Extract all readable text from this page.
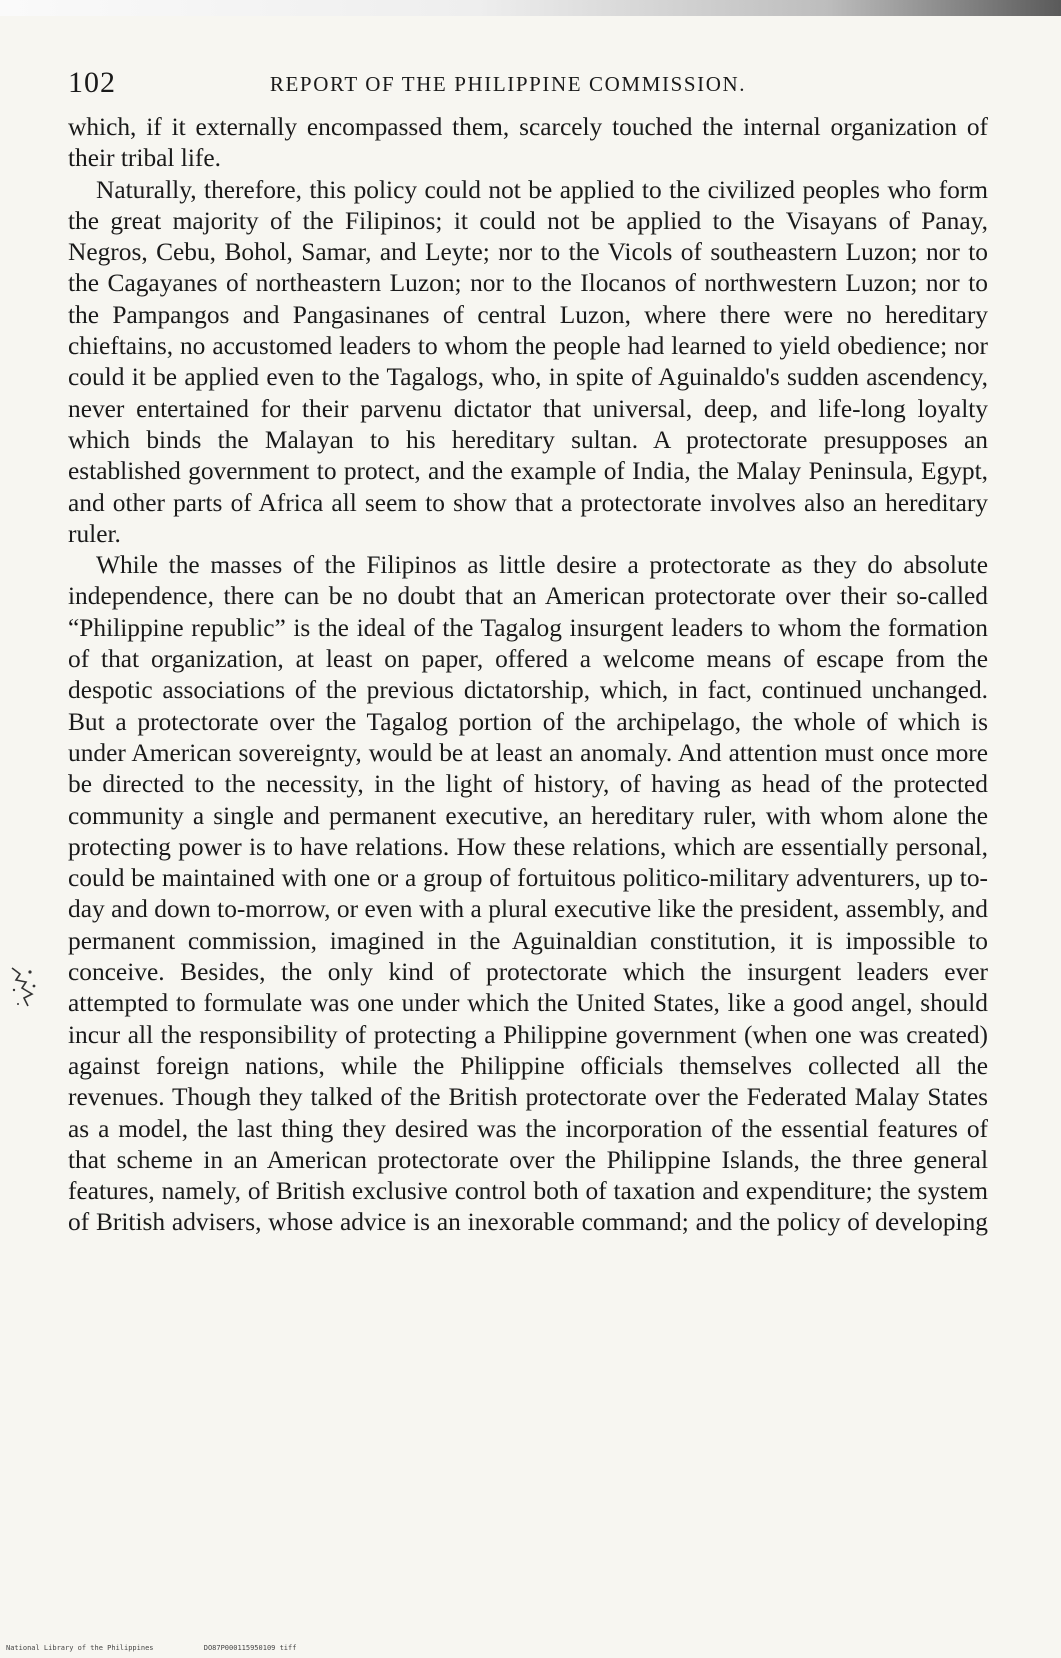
102	REPORT OF THE PHILIPPINE COMMISSION.

which, if it externally encompassed them, scarcely touched the internal organization of their tribal life.

Naturally, therefore, this policy could not be applied to the civilized peoples who form the great majority of the Filipinos; it could not be applied to the Visayans of Panay, Negros, Cebu, Bohol, Samar, and Leyte; nor to the Vicols of southeastern Luzon; nor to the Cagayanes of northeastern Luzon; nor to the Ilocanos of northwestern Luzon; nor to the Pampangos and Pangasinanes of central Luzon, where there were no hereditary chieftains, no accustomed leaders to whom the people had learned to yield obedience; nor could it be applied even to the Tagalogs, who, in spite of Aguinaldo's sudden ascendency, never entertained for their parvenu dictator that universal, deep, and life-long loyalty which binds the Malayan to his hereditary sultan. A protectorate presupposes an established government to protect, and the example of India, the Malay Peninsula, Egypt, and other parts of Africa all seem to show that a protectorate involves also an hereditary ruler.

While the masses of the Filipinos as little desire a protectorate as they do absolute independence, there can be no doubt that an American protectorate over their so-called “Philippine republic” is the ideal of the Tagalog insurgent leaders to whom the formation of that organization, at least on paper, offered a welcome means of escape from the despotic associations of the previous dictatorship, which, in fact, continued unchanged. But a protectorate over the Tagalog portion of the archipelago, the whole of which is under American sovereignty, would be at least an anomaly. And attention must once more be directed to the necessity, in the light of history, of having as head of the protected community a single and permanent executive, an hereditary ruler, with whom alone the protecting power is to have relations. How these relations, which are essentially personal, could be maintained with one or a group of fortuitous politico-military adventurers, up to-day and down to-morrow, or even with a plural executive like the president, assembly, and permanent commission, imagined in the Aguinaldian constitution, it is impossible to conceive. Besides, the only kind of protectorate which the insurgent leaders ever attempted to formulate was one under which the United States, like a good angel, should incur all the responsibility of protecting a Philippine government (when one was created) against foreign nations, while the Philippine officials themselves collected all the revenues. Though they talked of the British protectorate over the Federated Malay States as a model, the last thing they desired was the incorporation of the essential features of that scheme in an American protectorate over the Philippine Islands, the three general features, namely, of British exclusive control both of taxation and expenditure; the system of British advisers, whose advice is an inexorable command; and the policy of developing

National Library of the Philippines	DO87P000115950109 tiff
